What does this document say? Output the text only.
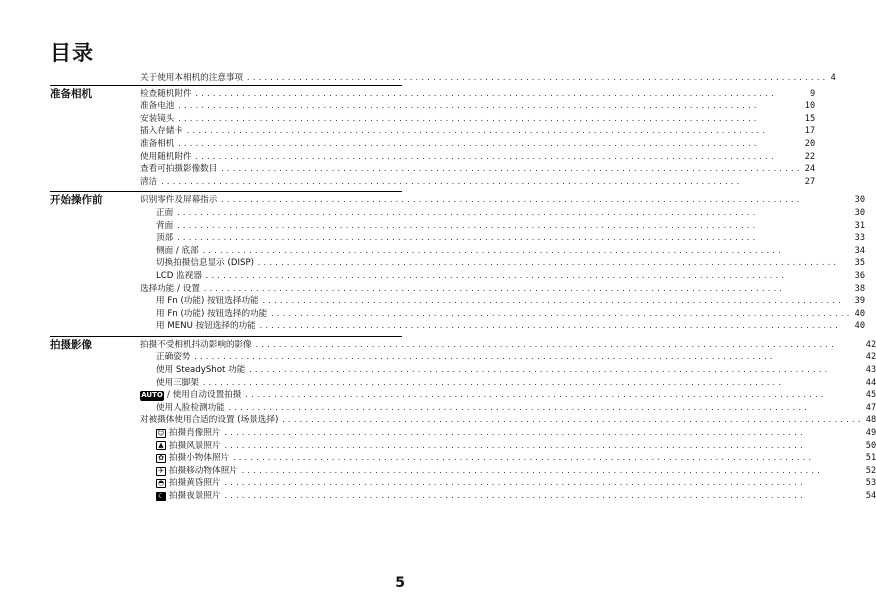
目录
关于使用本相机的注意事项 .....	4
准备相机	检查随机附件 .....	9
准备电池 .....	10
安装镜头 .....	15
插入存储卡 .....	17
准备相机 .....	20
使用随机附件 .....	22
查看可拍摄影像数目 .....	24
清洁 .....	27
开始操作前	识别零件及屏幕指示 .....	30
正面 .....	30
背面 .....	31
顶部 .....	33
侧面 / 底部 .....	34
切换拍摄信息显示 (DISP) .....	35
LCD 监视器 .....	36
选择功能 / 设置 .....	38
用 Fn (功能) 按钮选择功能 .....	39
用 Fn (功能) 按钮选择的功能 .....	40
用 MENU 按钮选择的功能 .....	40
拍摄影像	拍摄不受相机抖动影响的影像 .....	42
正确姿势 .....	42
使用 SteadyShot 功能 .....	43
使用三脚架 .....	44
AUTO / 使用自动设置拍摄 .....	45
使用人脸检测功能 .....	47
对被摄体使用合适的设置 (场景选择) .....	48
☺ 拍摄肖像照片 .....	49
▲ 拍摄风景照片 .....	50
✿ 拍摄小物体照片 .....	51
✈ 拍摄移动物体照片 .....	52
◓ 拍摄黄昏照片 .....	53
☾ 拍摄夜景照片 .....	54
5
